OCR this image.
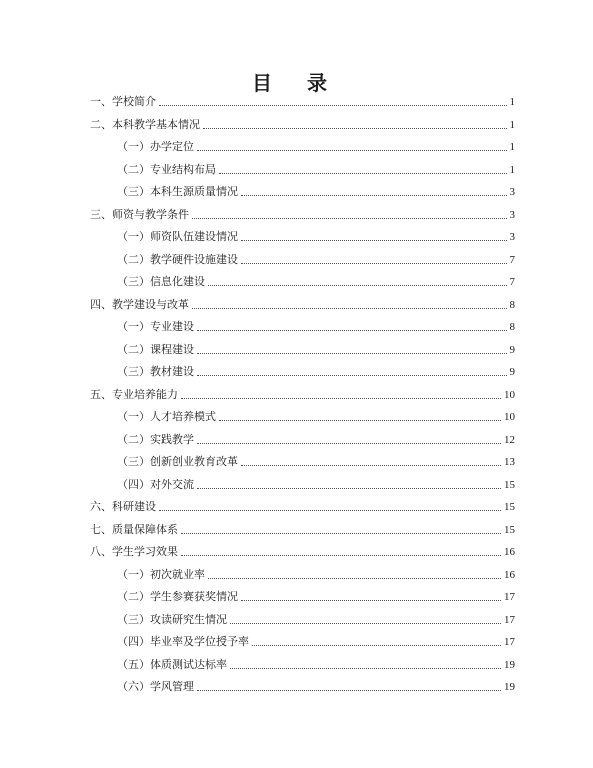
目 录
一、学校简介	1
二、本科教学基本情况	1
（一）办学定位	1
（二）专业结构布局	1
（三）本科生源质量情况	3
三、师资与教学条件	3
（一）师资队伍建设情况	3
（二）教学硬件设施建设	7
（三）信息化建设	7
四、教学建设与改革	8
（一）专业建设	8
（二）课程建设	9
（三）教材建设	9
五、专业培养能力	10
（一）人才培养模式	10
（二）实践教学	12
（三）创新创业教育改革	13
（四）对外交流	15
六、科研建设	15
七、质量保障体系	15
八、学生学习效果	16
（一）初次就业率	16
（二）学生参赛获奖情况	17
（三）攻读研究生情况	17
（四）毕业率及学位授予率	17
（五）体质测试达标率	19
（六）学风管理	19
